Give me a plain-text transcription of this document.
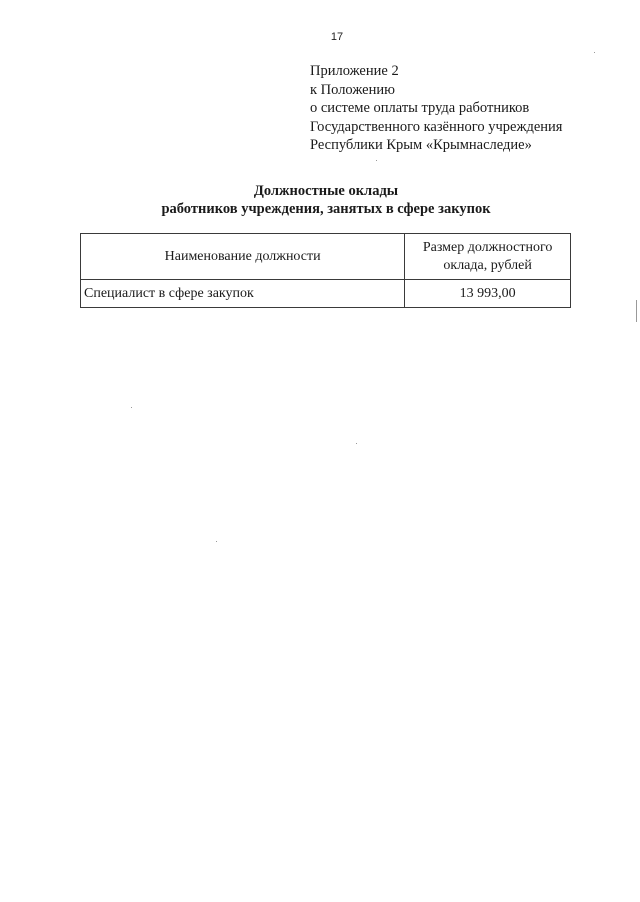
17
Приложение 2
к Положению
о системе оплаты труда работников
Государственного казённого учреждения
Республики Крым «Крымнаследие»
Должностные оклады
работников учреждения, занятых в сфере закупок
Наименование должности	Размер должностного
оклада, рублей

Специалист в сфере закупок	13 993,00
